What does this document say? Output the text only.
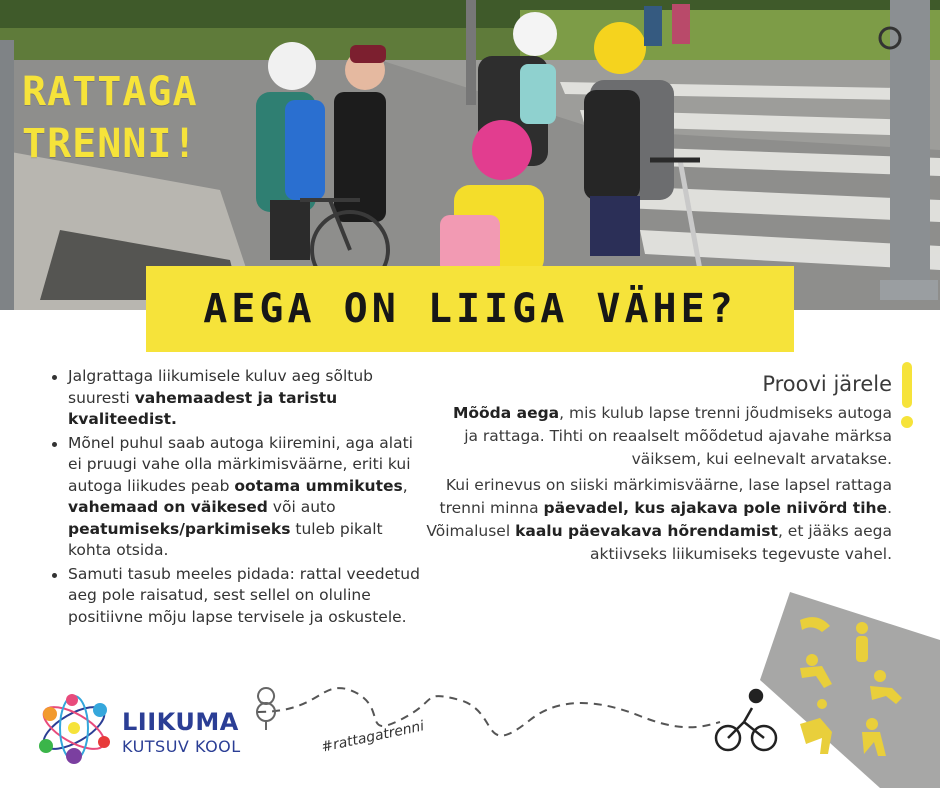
RATTAGA
TRENNI!
AEGA ON LIIGA VÄHE?
Jalgrattaga liikumisele kuluv aeg sõltub suuresti vahemaadest ja taristu kvaliteedist.
Mõnel puhul saab autoga kiiremini, aga alati ei pruugi vahe olla märkimisväärne, eriti kui autoga liikudes peab ootama ummikutes, vahemaad on väikesed või auto peatumiseks/parkimiseks tuleb pikalt kohta otsida.
Samuti tasub meeles pidada: rattal veedetud aeg pole raisatud, sest sellel on oluline positiivne mõju lapse tervisele ja oskustele.
Proovi järele
Mõõda aega, mis kulub lapse trenni jõudmiseks autoga ja rattaga. Tihti on reaalselt mõõdetud ajavahe märksa väiksem, kui eelnevalt arvatakse.
Kui erinevus on siiski märkimisväärne, lase lapsel rattaga trenni minna päevadel, kus ajakava pole niivõrd tihe. Võimalusel kaalu päevakava hõrendamist, et jääks aega aktiivseks liikumiseks tegevuste vahel.
#rattagatrenni
LIIKUMA
KUTSUV KOOL
